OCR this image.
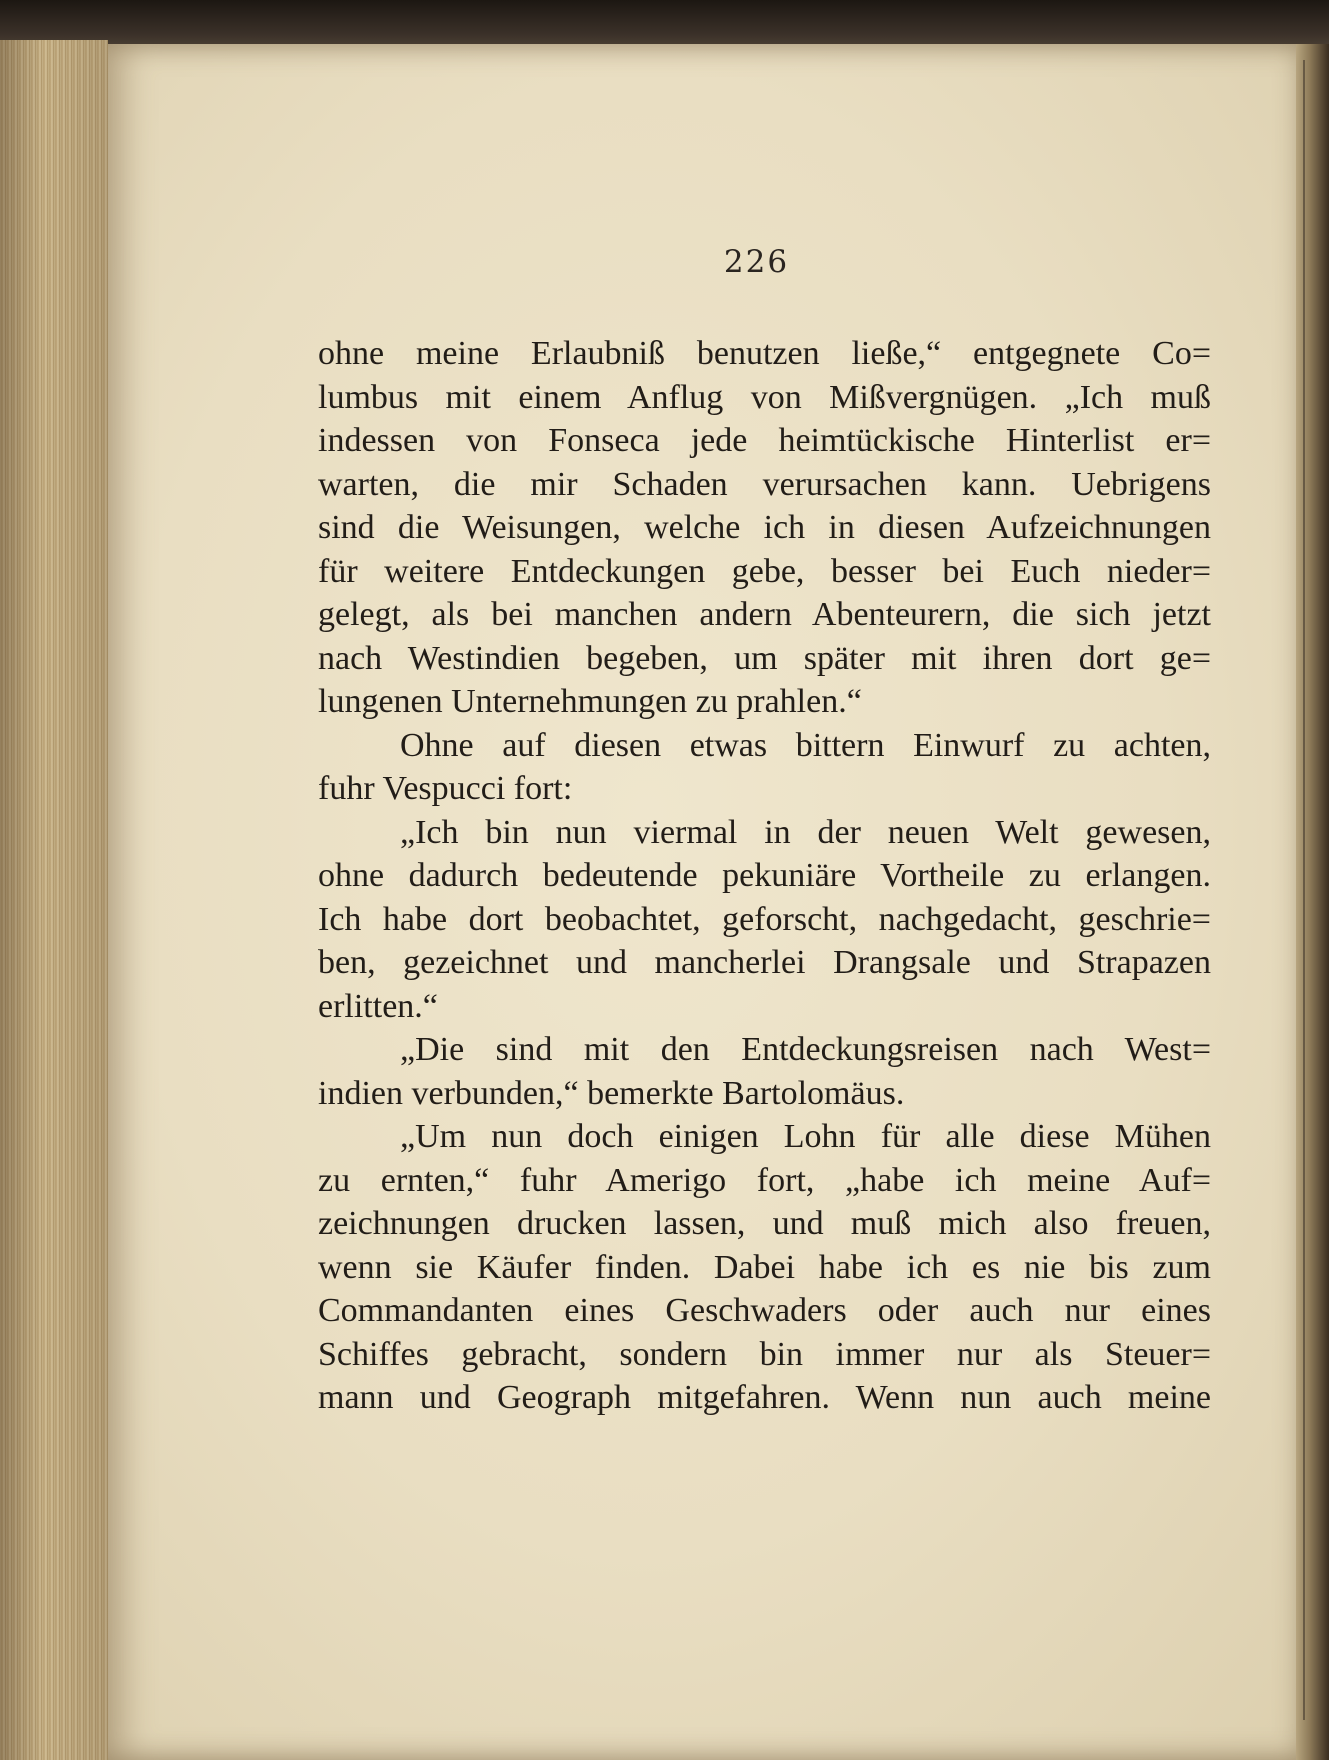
226
ohne meine Erlaubniß benutzen ließe,“ entgegnete Co=
lumbus mit einem Anflug von Mißvergnügen. „Ich muß
indessen von Fonseca jede heimtückische Hinterlist er=
warten, die mir Schaden verursachen kann. Uebrigens
sind die Weisungen, welche ich in diesen Aufzeichnungen
für weitere Entdeckungen gebe, besser bei Euch nieder=
gelegt, als bei manchen andern Abenteurern, die sich jetzt
nach Westindien begeben, um später mit ihren dort ge=
lungenen Unternehmungen zu prahlen.“
Ohne auf diesen etwas bittern Einwurf zu achten,
fuhr Vespucci fort:
„Ich bin nun viermal in der neuen Welt gewesen,
ohne dadurch bedeutende pekuniäre Vortheile zu erlangen.
Ich habe dort beobachtet, geforscht, nachgedacht, geschrie=
ben, gezeichnet und mancherlei Drangsale und Strapazen
erlitten.“
„Die sind mit den Entdeckungsreisen nach West=
indien verbunden,“ bemerkte Bartolomäus.
„Um nun doch einigen Lohn für alle diese Mühen
zu ernten,“ fuhr Amerigo fort, „habe ich meine Auf=
zeichnungen drucken lassen, und muß mich also freuen,
wenn sie Käufer finden. Dabei habe ich es nie bis zum
Commandanten eines Geschwaders oder auch nur eines
Schiffes gebracht, sondern bin immer nur als Steuer=
mann und Geograph mitgefahren. Wenn nun auch meine
